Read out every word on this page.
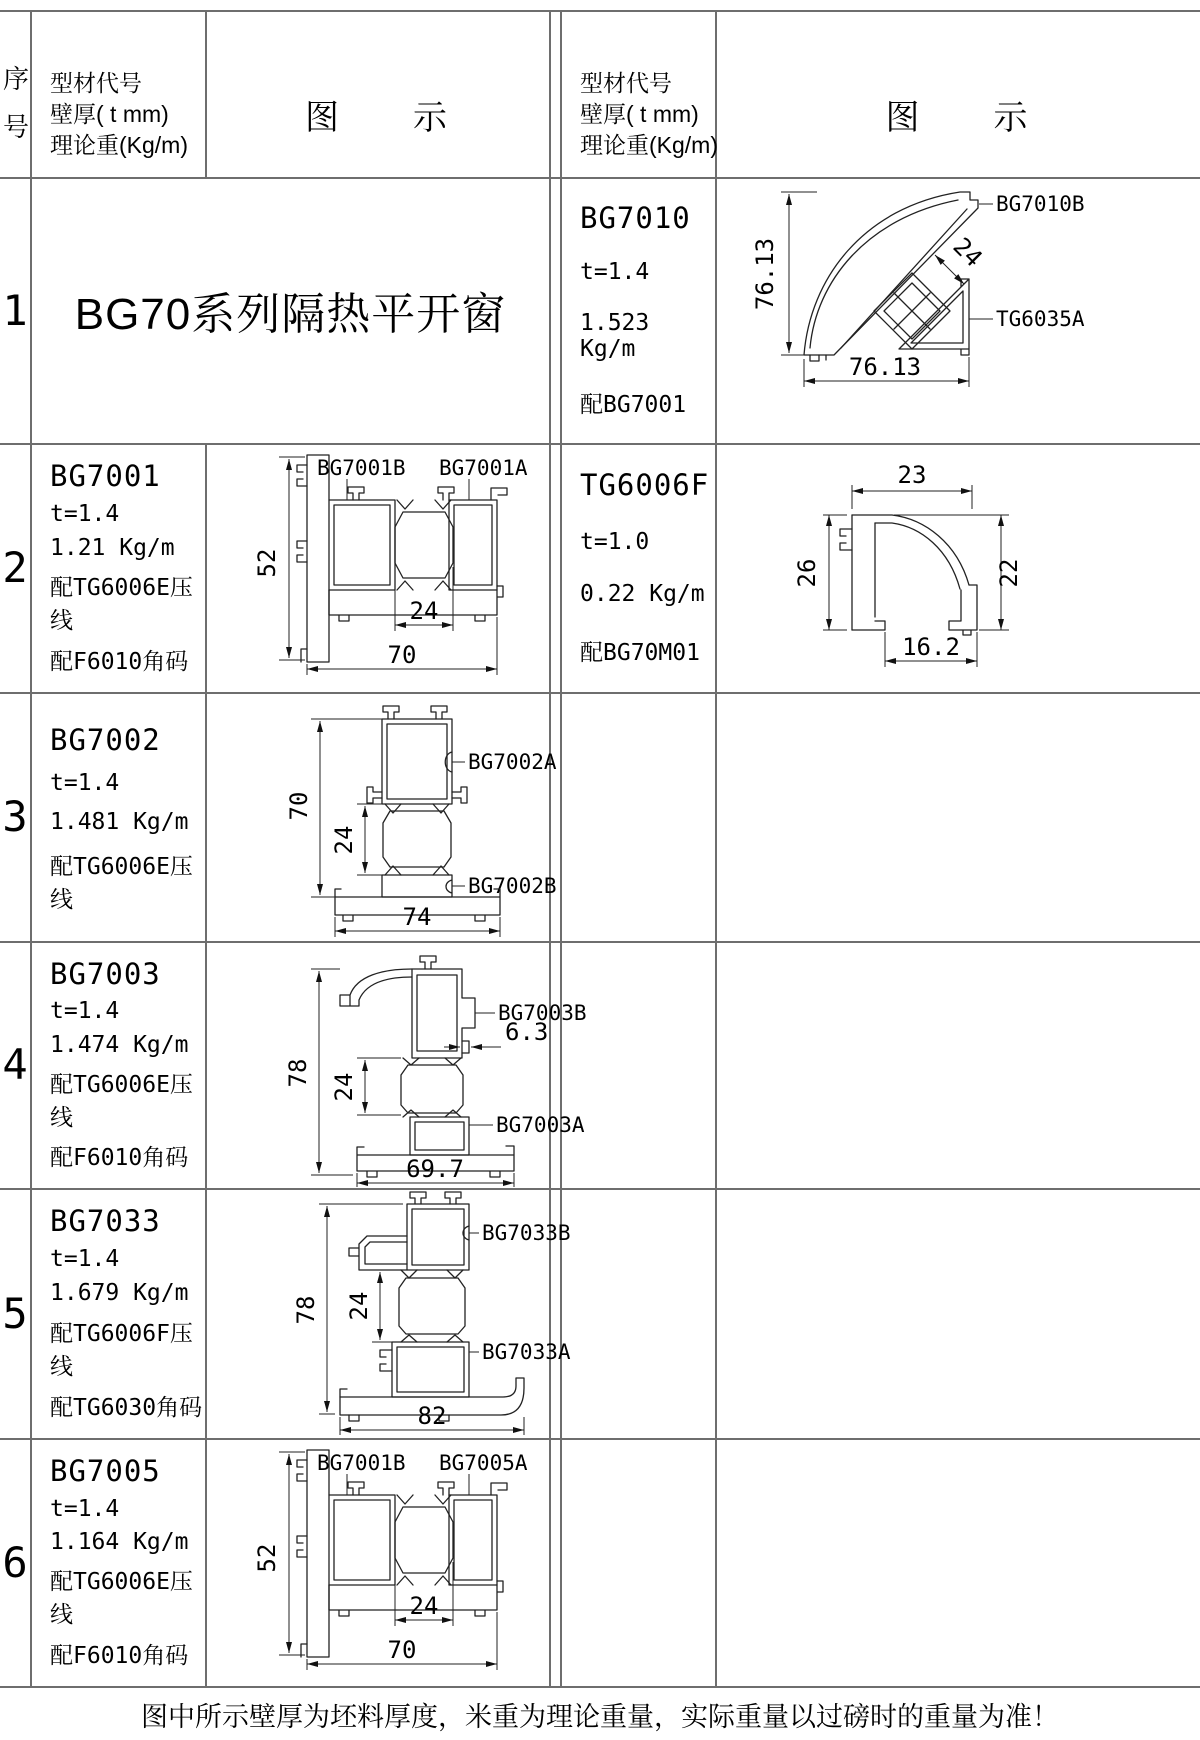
序号
型材代号
壁厚( t mm)
理论重(Kg/m)
图　　示
型材代号
壁厚( t mm)
理论重(Kg/m)
图　　示
1
2
3
4
5
6
BG70系列隔热平开窗
BG7010
t=1.4
1.523 Kg/m
配BG7001
BG7001
t=1.4
1.21 Kg/m
配TG6006E压线
配F6010角码
TG6006F
t=1.0
0.22 Kg/m
配BG70M01
BG7002
t=1.4
1.481 Kg/m
配TG6006E压线
BG7003
t=1.4
1.474 Kg/m
配TG6006E压线
配F6010角码
BG7033
t=1.4
1.679 Kg/m
配TG6006F压线
配TG6030角码
BG7005
t=1.4
1.164 Kg/m
配TG6006E压线
配F6010角码
76.13	24
BG7010B
TG6035A
76.13
52
BG7001B BG7001A
24
70
23
26	22
16.2
70
BG7002A
24
BG7002B
74
78
BG7003B
6.3
24
BG7003A
69.7
78
BG7033B
24
BG7033A
82
52
BG7001B BG7005A
24
70
图中所示壁厚为坯料厚度，米重为理论重量，实际重量以过磅时的重量为准！
